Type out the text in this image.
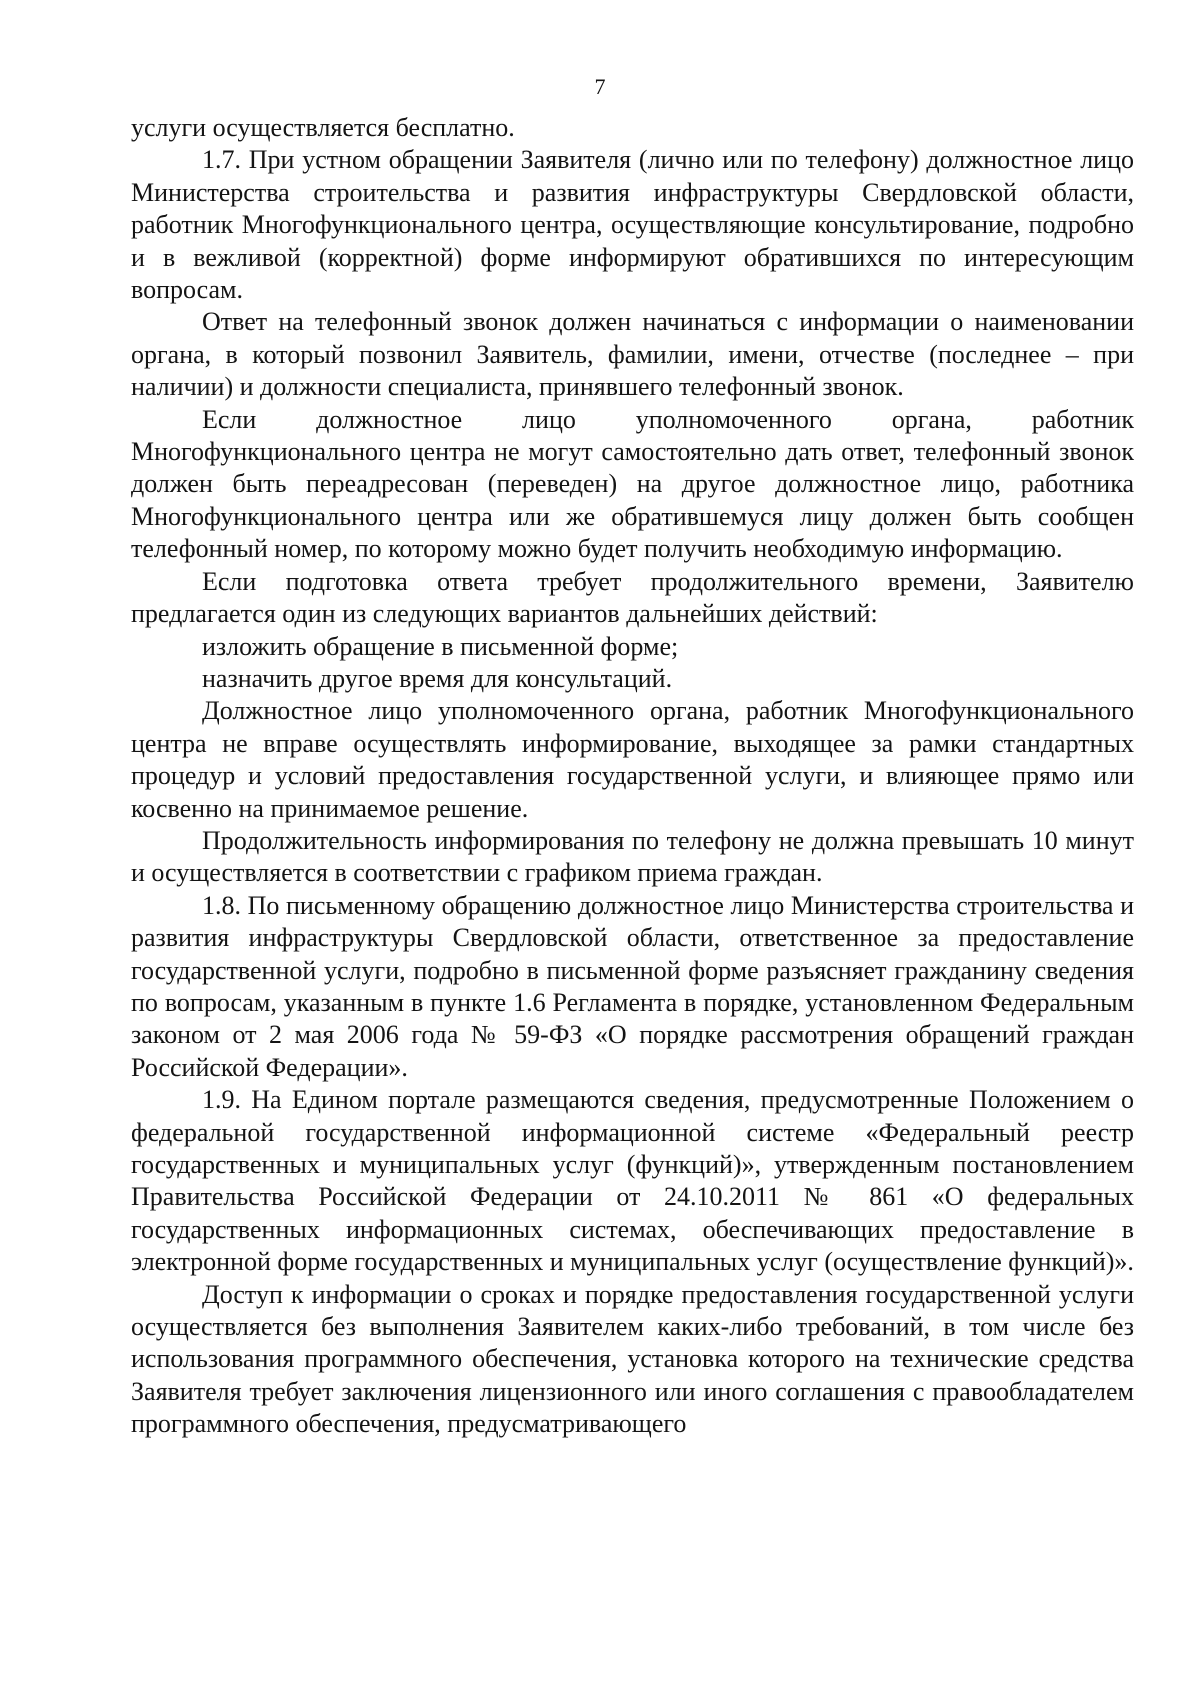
7

услуги осуществляется бесплатно.

1.7. При устном обращении Заявителя (лично или по телефону) должностное лицо Министерства строительства и развития инфраструктуры Свердловской области, работник Многофункционального центра, осуществляющие консультирование, подробно и в вежливой (корректной) форме информируют обратившихся по интересующим вопросам.

Ответ на телефонный звонок должен начинаться с информации о наименовании органа, в который позвонил Заявитель, фамилии, имени, отчестве (последнее – при наличии) и должности специалиста, принявшего телефонный звонок.

Если должностное лицо уполномоченного органа, работник Многофункционального центра не могут самостоятельно дать ответ, телефонный звонок должен быть переадресован (переведен) на другое должностное лицо, работника Многофункционального центра или же обратившемуся лицу должен быть сообщен телефонный номер, по которому можно будет получить необходимую информацию.

Если подготовка ответа требует продолжительного времени, Заявителю предлагается один из следующих вариантов дальнейших действий:

изложить обращение в письменной форме;

назначить другое время для консультаций.

Должностное лицо уполномоченного органа, работник Многофункционального центра не вправе осуществлять информирование, выходящее за рамки стандартных процедур и условий предоставления государственной услуги, и влияющее прямо или косвенно на принимаемое решение.

Продолжительность информирования по телефону не должна превышать 10 минут и осуществляется в соответствии с графиком приема граждан.

1.8. По письменному обращению должностное лицо Министерства строительства и развития инфраструктуры Свердловской области, ответственное за предоставление государственной услуги, подробно в письменной форме разъясняет гражданину сведения по вопросам, указанным в пункте 1.6 Регламента в порядке, установленном Федеральным законом от 2 мая 2006 года № 59-ФЗ «О порядке рассмотрения обращений граждан Российской Федерации».

1.9. На Едином портале размещаются сведения, предусмотренные Положением о федеральной государственной информационной системе «Федеральный реестр государственных и муниципальных услуг (функций)», утвержденным постановлением Правительства Российской Федерации от 24.10.2011 № 861 «О федеральных государственных информационных системах, обеспечивающих предоставление в электронной форме государственных и муниципальных услуг (осуществление функций)».

Доступ к информации о сроках и порядке предоставления государственной услуги осуществляется без выполнения Заявителем каких-либо требований, в том числе без использования программного обеспечения, установка которого на технические средства Заявителя требует заключения лицензионного или иного соглашения с правообладателем программного обеспечения, предусматривающего
